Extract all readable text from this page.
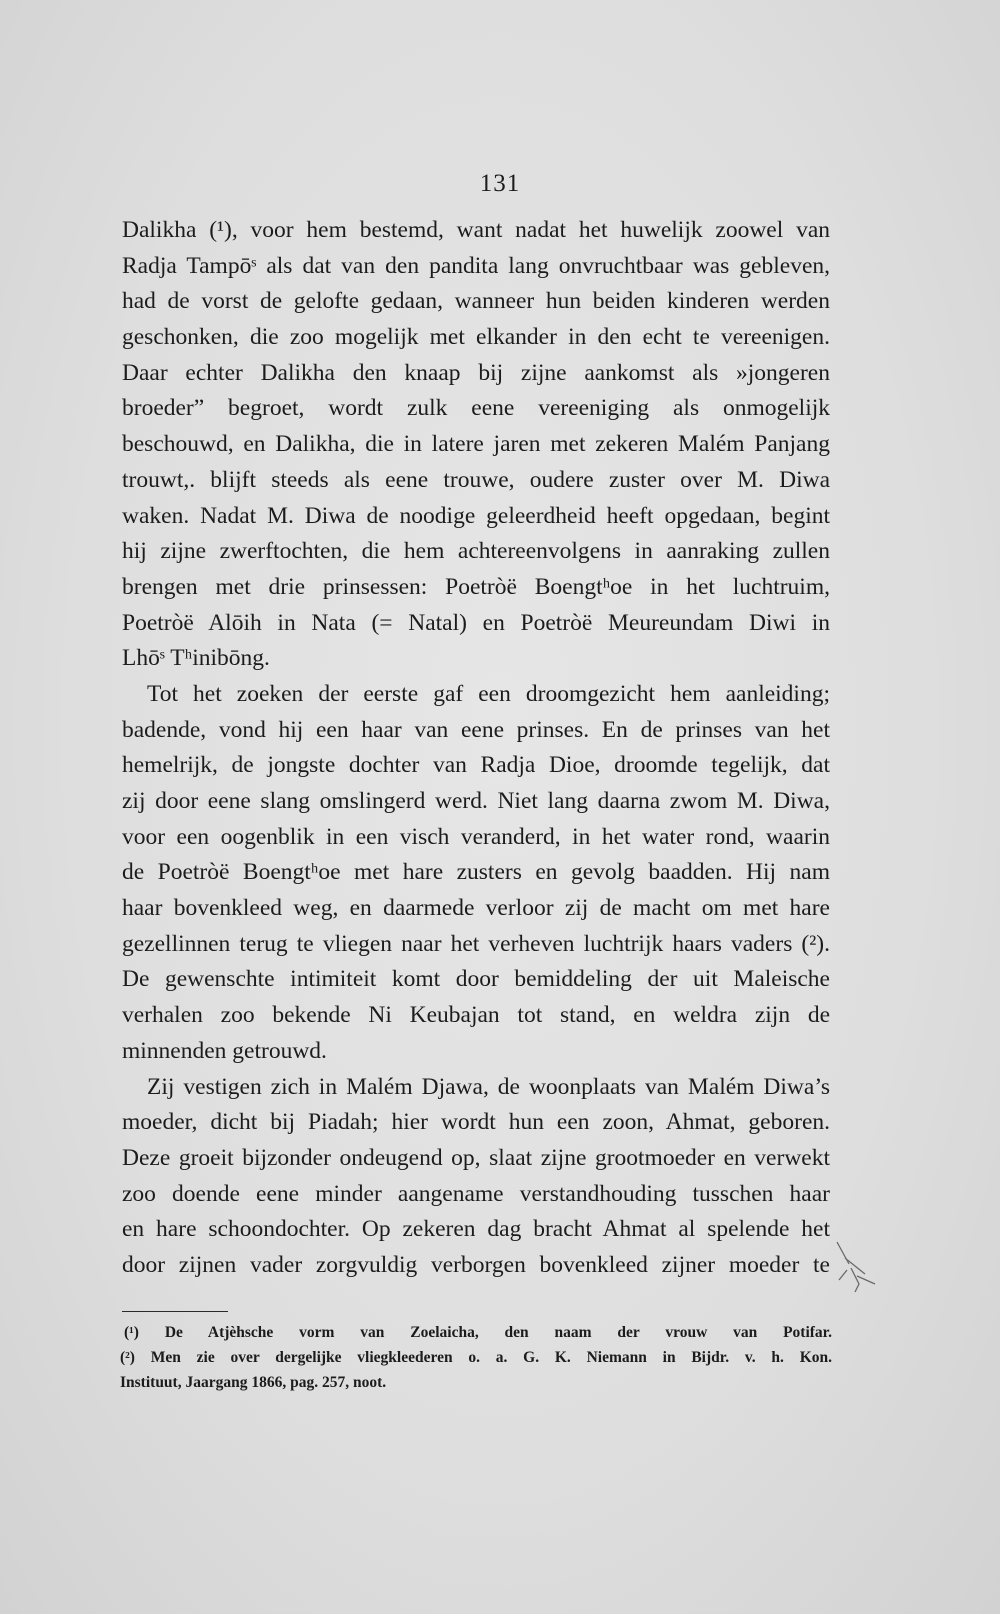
131
Dalikha (¹), voor hem bestemd, want nadat het huwelijk zoowel van
Radja Tampōˢ als dat van den pandita lang onvruchtbaar was gebleven,
had de vorst de gelofte gedaan, wanneer hun beiden kinderen werden
geschonken, die zoo mogelijk met elkander in den echt te vereenigen.
Daar echter Dalikha den knaap bij zijne aankomst als »jongeren
broeder” begroet, wordt zulk eene vereeniging als onmogelijk
beschouwd, en Dalikha, die in latere jaren met zekeren Malém Panjang
trouwt,. blijft steeds als eene trouwe, oudere zuster over M. Diwa
waken. Nadat M. Diwa de noodige geleerdheid heeft opgedaan, begint
hij zijne zwerftochten, die hem achtereenvolgens in aanraking zullen
brengen met drie prinsessen: Poetròë Boengtʰoe in het luchtruim,
Poetròë Alōih in Nata (= Natal) en Poetròë Meureundam Diwi in
Lhōˢ Tʰinibōng.
Tot het zoeken der eerste gaf een droomgezicht hem aanleiding;
badende, vond hij een haar van eene prinses. En de prinses van het
hemelrijk, de jongste dochter van Radja Dioe, droomde tegelijk, dat
zij door eene slang omslingerd werd. Niet lang daarna zwom M. Diwa,
voor een oogenblik in een visch veranderd, in het water rond, waarin
de Poetròë Boengtʰoe met hare zusters en gevolg baadden. Hij nam
haar bovenkleed weg, en daarmede verloor zij de macht om met hare
gezellinnen terug te vliegen naar het verheven luchtrijk haars vaders (²).
De gewenschte intimiteit komt door bemiddeling der uit Maleische
verhalen zoo bekende Ni Keubajan tot stand, en weldra zijn de
minnenden getrouwd.
Zij vestigen zich in Malém Djawa, de woonplaats van Malém Diwa’s
moeder, dicht bij Piadah; hier wordt hun een zoon, Ahmat, geboren.
Deze groeit bijzonder ondeugend op, slaat zijne grootmoeder en verwekt
zoo doende eene minder aangename verstandhouding tusschen haar
en hare schoondochter. Op zekeren dag bracht Ahmat al spelende het
door zijnen vader zorgvuldig verborgen bovenkleed zijner moeder te
(¹) De Atjèhsche vorm van Zoelaicha, den naam der vrouw van Potifar.
(²) Men zie over dergelijke vliegkleederen o. a. G. K. Niemann in Bijdr. v. h. Kon.
Instituut, Jaargang 1866, pag. 257, noot.
